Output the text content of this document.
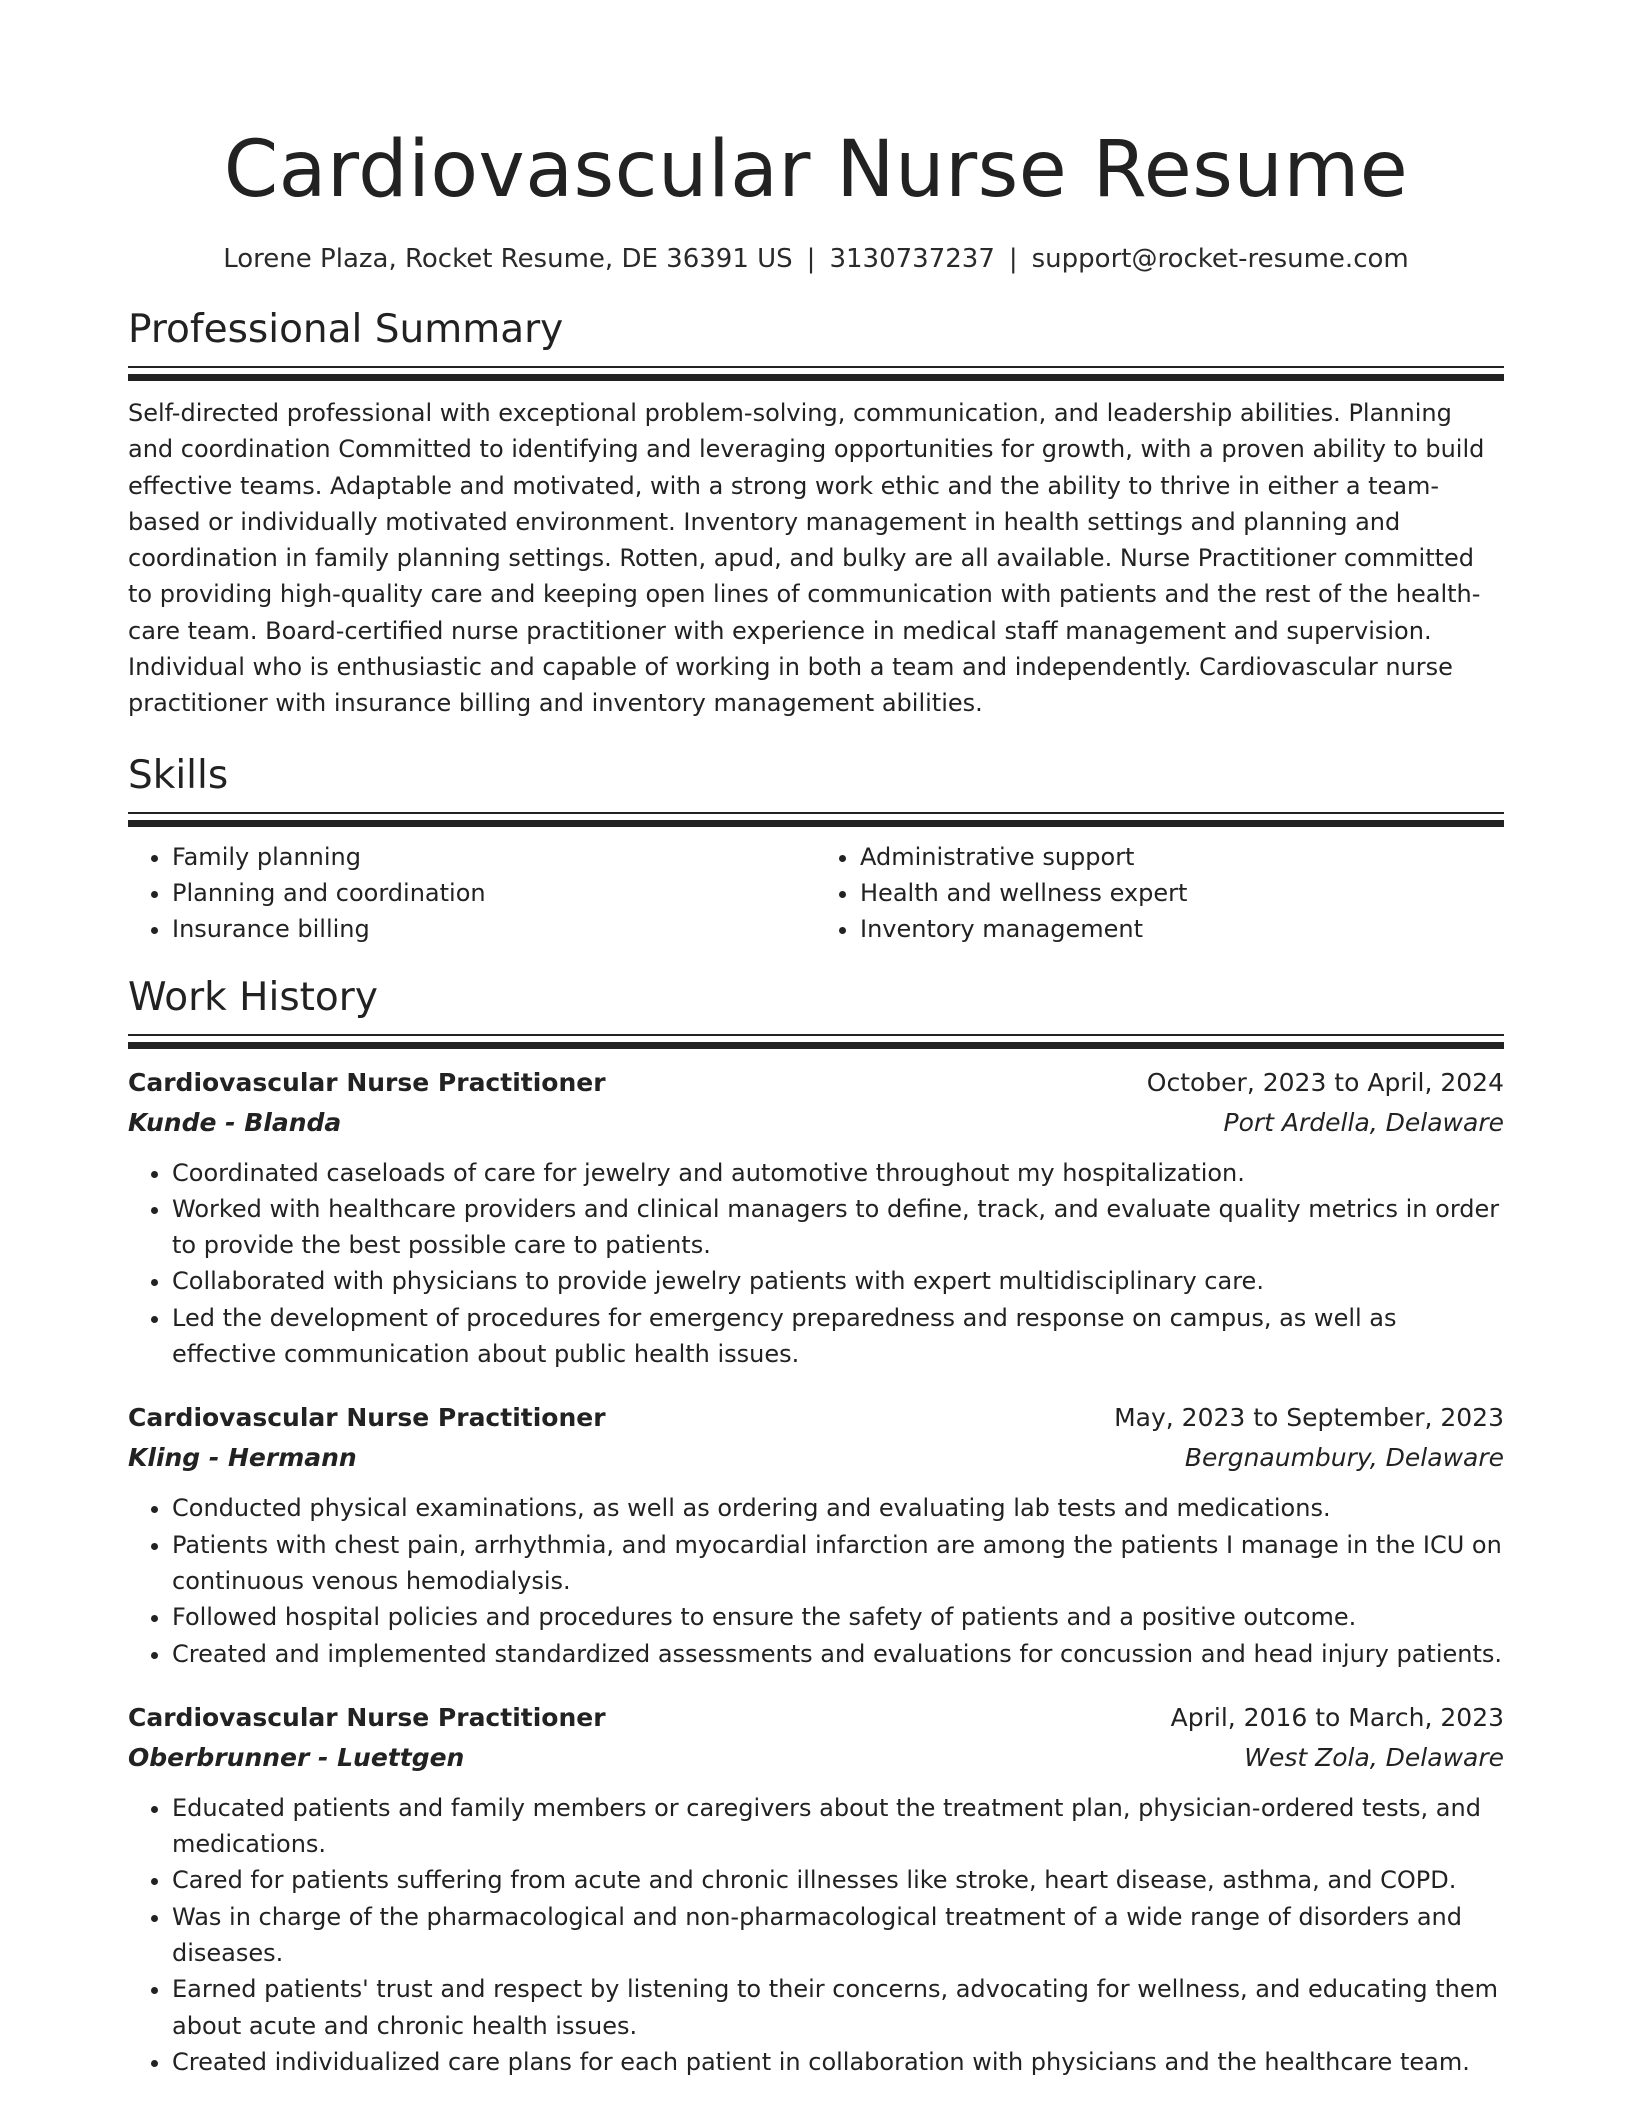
Cardiovascular Nurse Resume
Lorene Plaza, Rocket Resume, DE 36391 US | 3130737237 | support@rocket-resume.com
Professional Summary

Self-directed professional with exceptional problem-solving, communication, and leadership abilities. Planning and coordination Committed to identifying and leveraging opportunities for growth, with a proven ability to build effective teams. Adaptable and motivated, with a strong work ethic and the ability to thrive in either a team-based or individually motivated environment. Inventory management in health settings and planning and coordination in family planning settings. Rotten, apud, and bulky are all available. Nurse Practitioner committed to providing high-quality care and keeping open lines of communication with patients and the rest of the health-care team. Board-certified nurse practitioner with experience in medical staff management and supervision. Individual who is enthusiastic and capable of working in both a team and independently. Cardiovascular nurse practitioner with insurance billing and inventory management abilities.

Skills
• Family planning
• Planning and coordination
• Insurance billing
• Administrative support
• Health and wellness expert
• Inventory management
Work History
Cardiovascular Nurse Practitioner	October, 2023 to April, 2024
Kunde - Blanda	Port Ardella, Delaware
• Coordinated caseloads of care for jewelry and automotive throughout my hospitalization.
• Worked with healthcare providers and clinical managers to define, track, and evaluate quality metrics in order to provide the best possible care to patients.
• Collaborated with physicians to provide jewelry patients with expert multidisciplinary care.
• Led the development of procedures for emergency preparedness and response on campus, as well as effective communication about public health issues.
Cardiovascular Nurse Practitioner	May, 2023 to September, 2023
Kling - Hermann	Bergnaumbury, Delaware
• Conducted physical examinations, as well as ordering and evaluating lab tests and medications.
• Patients with chest pain, arrhythmia, and myocardial infarction are among the patients I manage in the ICU on continuous venous hemodialysis.
• Followed hospital policies and procedures to ensure the safety of patients and a positive outcome.
• Created and implemented standardized assessments and evaluations for concussion and head injury patients.
Cardiovascular Nurse Practitioner	April, 2016 to March, 2023
Oberbrunner - Luettgen	West Zola, Delaware
• Educated patients and family members or caregivers about the treatment plan, physician-ordered tests, and medications.
• Cared for patients suffering from acute and chronic illnesses like stroke, heart disease, asthma, and COPD.
• Was in charge of the pharmacological and non-pharmacological treatment of a wide range of disorders and diseases.
• Earned patients' trust and respect by listening to their concerns, advocating for wellness, and educating them about acute and chronic health issues.
• Created individualized care plans for each patient in collaboration with physicians and the healthcare team.
